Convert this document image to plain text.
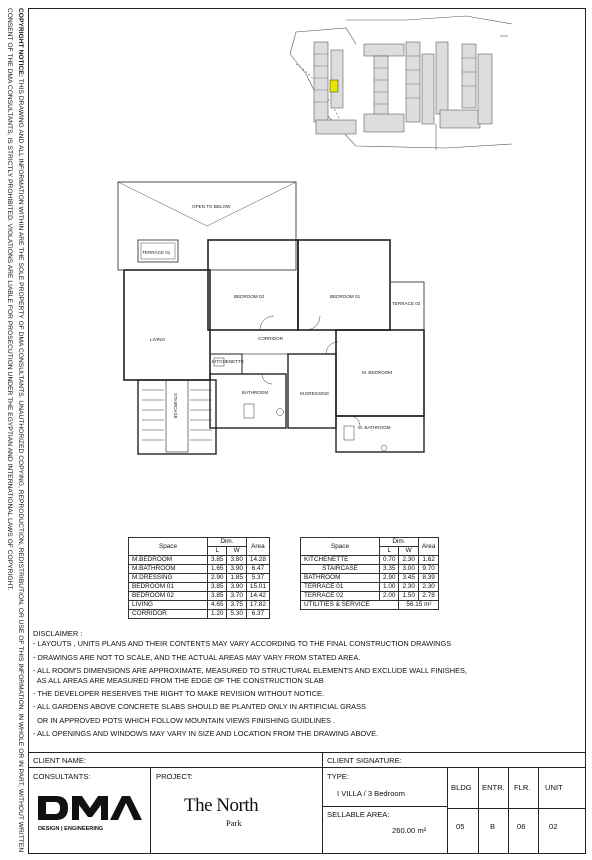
COPYRIGHT NOTICE: THIS DRAWING AND ALL INFORMATION WITHIN ARE THE SOLE PROPERTY OF DMA CONSULTANTS. UNAUTHORIZED COPYING, REPRODUCTION, REDISTRIBUTION, OR USE OF THIS INFORMATION, IN WHOLE OR IN PART, WITHOUT WRITTEN CONSENT OF THE DMA CONSULTANTS, IS STRICTLY PROHIBITED. VIOLATIONS ARE LIABLE FOR PROSECUTION UNDER THE EGYPTIAN AND INTERNATIONAL LAWS OF COPYRIGHT.	OPEN TO BELOW
TERRACE 01
TERRACE 02
BEDROOM 02	BEDROOM 01
LIVING	CORRIDOR
KITCHENETTE
BATHROOM	M.DRESSING
M. BEDROOM
M. BATHROOM
STAIRCASE
Space	Dim.		Area
	L	W	
M.BEDROOM	3.85	3.80	14.28
M.BATHROOM	1.65	3.90	6.47
M.DRESSING	2.90	1.85	5.37
BEDROOM 01	3.85	3.90	15.01
BEDROOM 02	3.85	3.70	14.42
LIVING	4.65	3.75	17.82
CORRIDOR	1.20	5.30	6.37
Space	Dim.		Area
	L	W	
KITCHENETTE	0.70	2.30	1.62
STAIRCASE	3.35	3.00	9.70
BATHROOM	2.90	3.45	8.39
TERRACE 01	1.00	2.30	2.30
TERRACE 02	2.00	1.50	2.78
UTILITIES & SERVICE		56.15 m²	
DISCLAIMER :
- LAYOUTS , UNITS PLANS AND THEIR CONTENTS MAY VARY ACCORDING TO THE FINAL CONSTRUCTION DRAWINGS
- DRAWINGS ARE NOT TO SCALE, AND THE ACTUAL AREAS MAY VARY FROM STATED AREA.
- ALL ROOM'S DIMENSIONS ARE APPROXIMATE, MEASURED TO STRUCTURAL ELEMENTS AND EXCLUDE WALL FINISHES,
AS ALL AREAS ARE MEASURED FROM THE EDGE OF THE CONSTRUCTION SLAB
- THE DEVELOPER RESERVES THE RIGHT TO MAKE REVISION WITHOUT NOTICE.
- ALL GARDENS ABOVE CONCRETE SLABS SHOULD BE PLANTED ONLY IN ARTIFICIAL GRASS
OR IN APPROVED POTS WHICH FOLLOW MOUNTAIN VIEWS FINISHING GUIDLINES .
- ALL OPENINGS AND WINDOWS MAY VARY IN SIZE AND LOCATION FROM THE DRAWING ABOVE.
CLIENT NAME:	CLIENT SIGNATURE:
CONSULTANTS:	PROJECT:	TYPE:
I VILLA / 3 Bedroom
SELLABLE AREA:
260.00 m²
BLDG ENTR. FLR. UNIT
05	B	06	02
DESIGN | ENGINEERING
The North
Park
